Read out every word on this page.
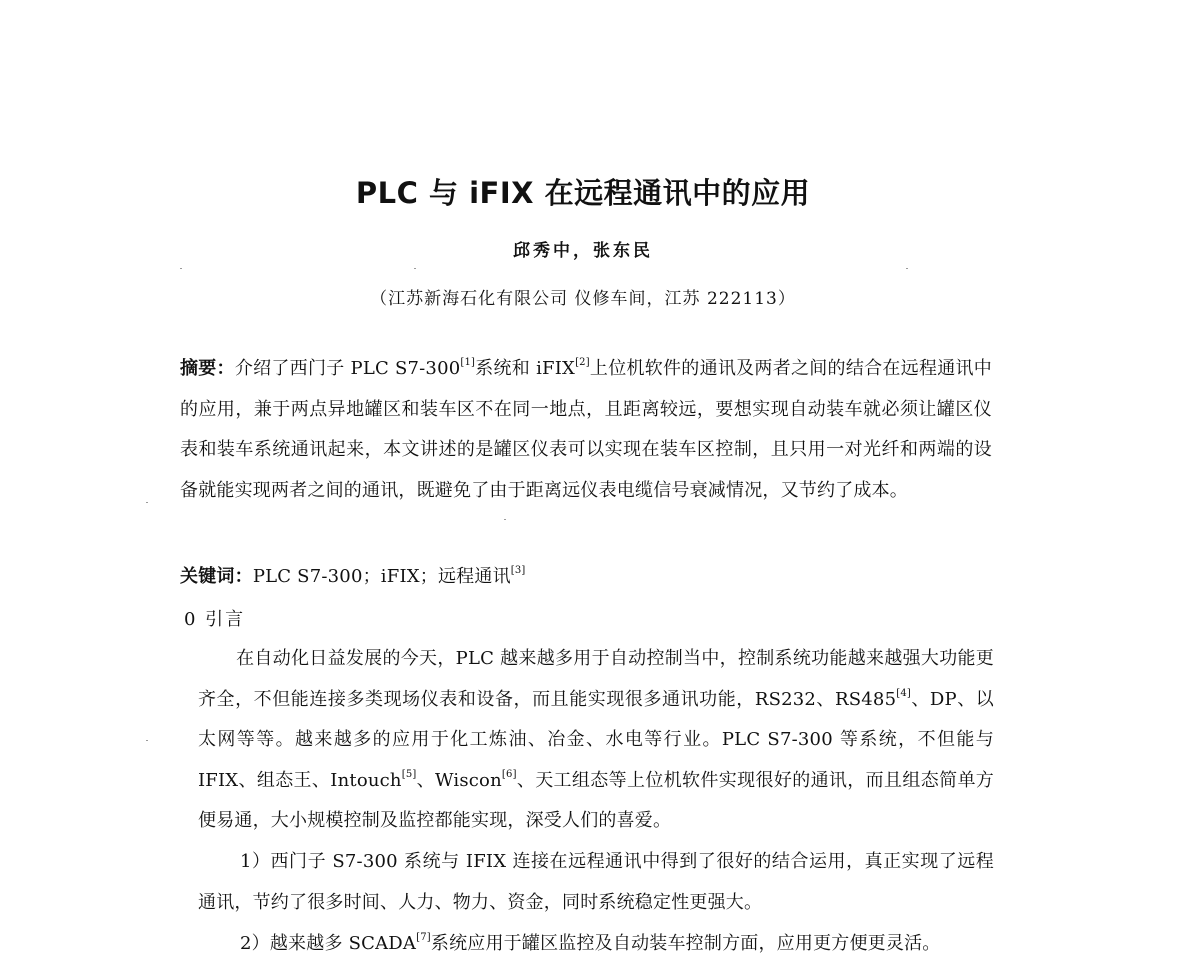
PLC 与 iFIX 在远程通讯中的应用
邱秀中，张东民
（江苏新海石化有限公司 仪修车间，江苏 222113）
摘要：介绍了西门子 PLC S7-300[1]系统和 iFIX[2]上位机软件的通讯及两者之间的结合在远程通讯中的应用，兼于两点异地罐区和装车区不在同一地点，且距离较远，要想实现自动装车就必须让罐区仪表和装车系统通讯起来，本文讲述的是罐区仪表可以实现在装车区控制，且只用一对光纤和两端的设备就能实现两者之间的通讯，既避免了由于距离远仪表电缆信号衰减情况，又节约了成本。
关键词：PLC S7-300；iFIX；远程通讯[3]
0 引言
在自动化日益发展的今天，PLC 越来越多用于自动控制当中，控制系统功能越来越强大功能更齐全，不但能连接多类现场仪表和设备，而且能实现很多通讯功能，RS232、RS485[4]、DP、以太网等等。越来越多的应用于化工炼油、冶金、水电等行业。PLC S7-300 等系统，不但能与 IFIX、组态王、Intouch[5]、Wiscon[6]、天工组态等上位机软件实现很好的通讯，而且组态简单方便易通，大小规模控制及监控都能实现，深受人们的喜爱。
1）西门子 S7-300 系统与 IFIX 连接在远程通讯中得到了很好的结合运用，真正实现了远程通讯，节约了很多时间、人力、物力、资金，同时系统稳定性更强大。
2）越来越多 SCADA[7]系统应用于罐区监控及自动装车控制方面，应用更方便更灵活。
